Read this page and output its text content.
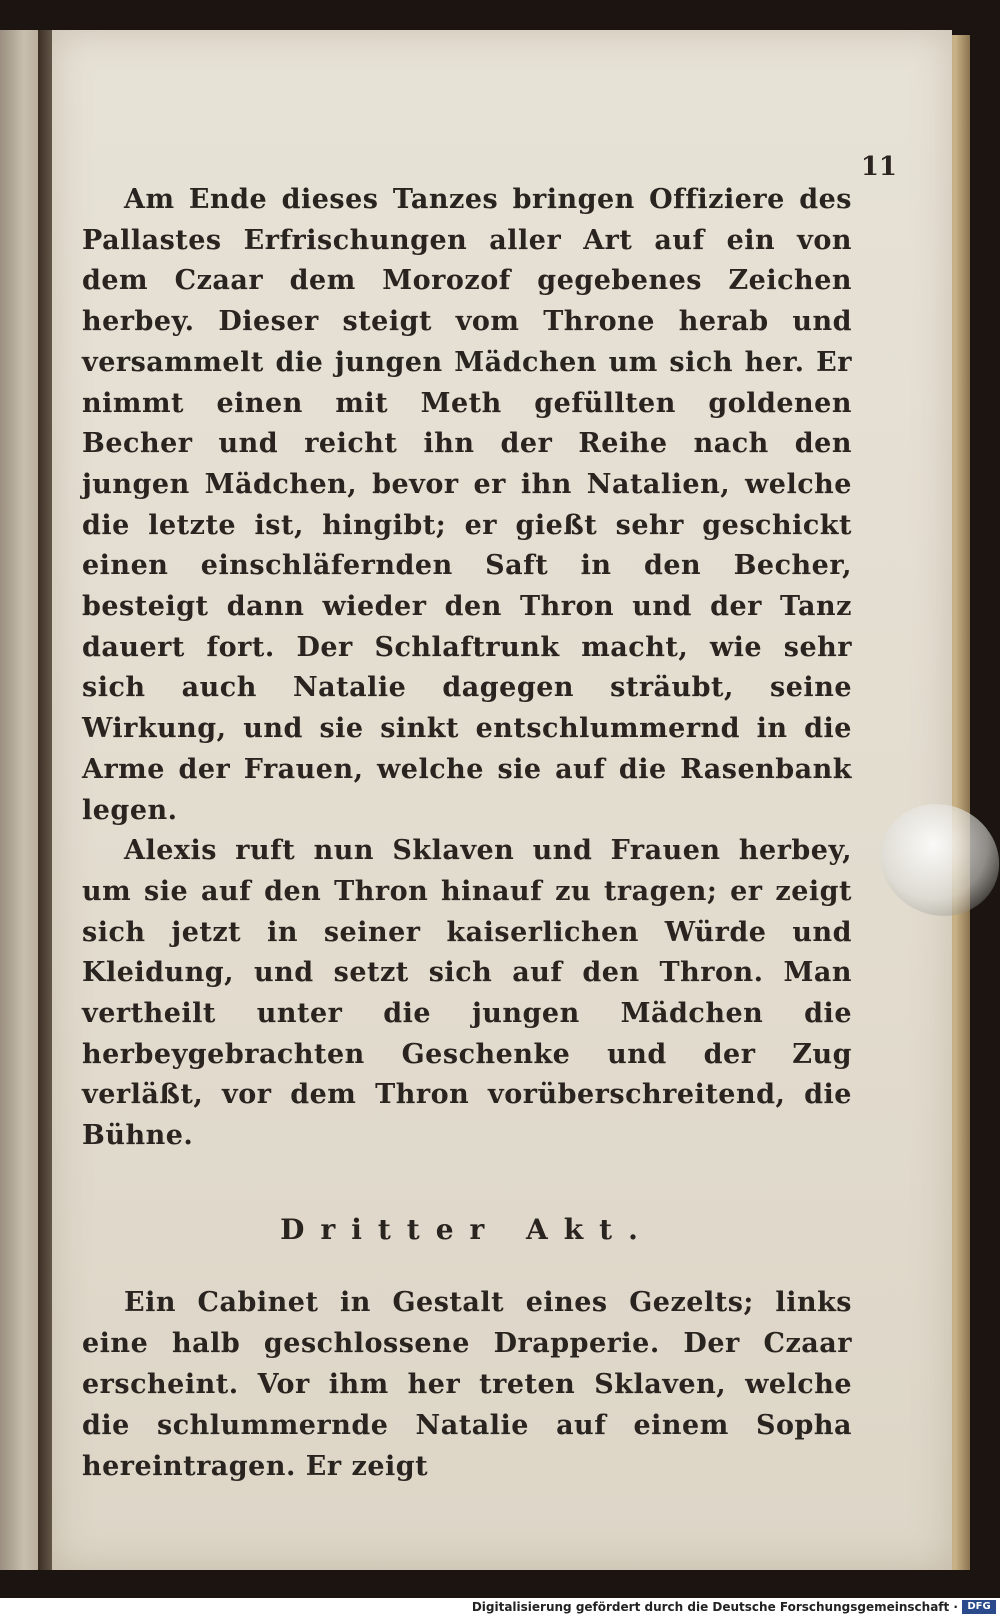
11

Am Ende dieses Tanzes bringen Offiziere des Pallastes Erfrischungen aller Art auf ein von dem Czaar dem Morozof gegebenes Zeichen herbey. Dieser steigt vom Throne herab und versammelt die jungen Mädchen um sich her. Er nimmt einen mit Meth gefüllten goldenen Becher und reicht ihn der Reihe nach den jungen Mädchen, bevor er ihn Natalien, welche die letzte ist, hingibt; er gießt sehr geschickt einen einschläfernden Saft in den Becher, besteigt dann wieder den Thron und der Tanz dauert fort. Der Schlaftrunk macht, wie sehr sich auch Natalie dagegen sträubt, seine Wirkung, und sie sinkt entschlummernd in die Arme der Frauen, welche sie auf die Rasenbank legen.

Alexis ruft nun Sklaven und Frauen herbey, um sie auf den Thron hinauf zu tragen; er zeigt sich jetzt in seiner kaiserlichen Würde und Kleidung, und setzt sich auf den Thron. Man vertheilt unter die jungen Mädchen die herbeygebrachten Geschenke und der Zug verläßt, vor dem Thron vorüberschreitend, die Bühne.

Dritter Akt.

Ein Cabinet in Gestalt eines Gezelts; links eine halb geschlossene Drapperie. Der Czaar erscheint. Vor ihm her treten Sklaven, welche die schlummernde Natalie auf einem Sopha hereintragen. Er zeigt

Digitalisierung gefördert durch die Deutsche Forschungsgemeinschaft · DFG
